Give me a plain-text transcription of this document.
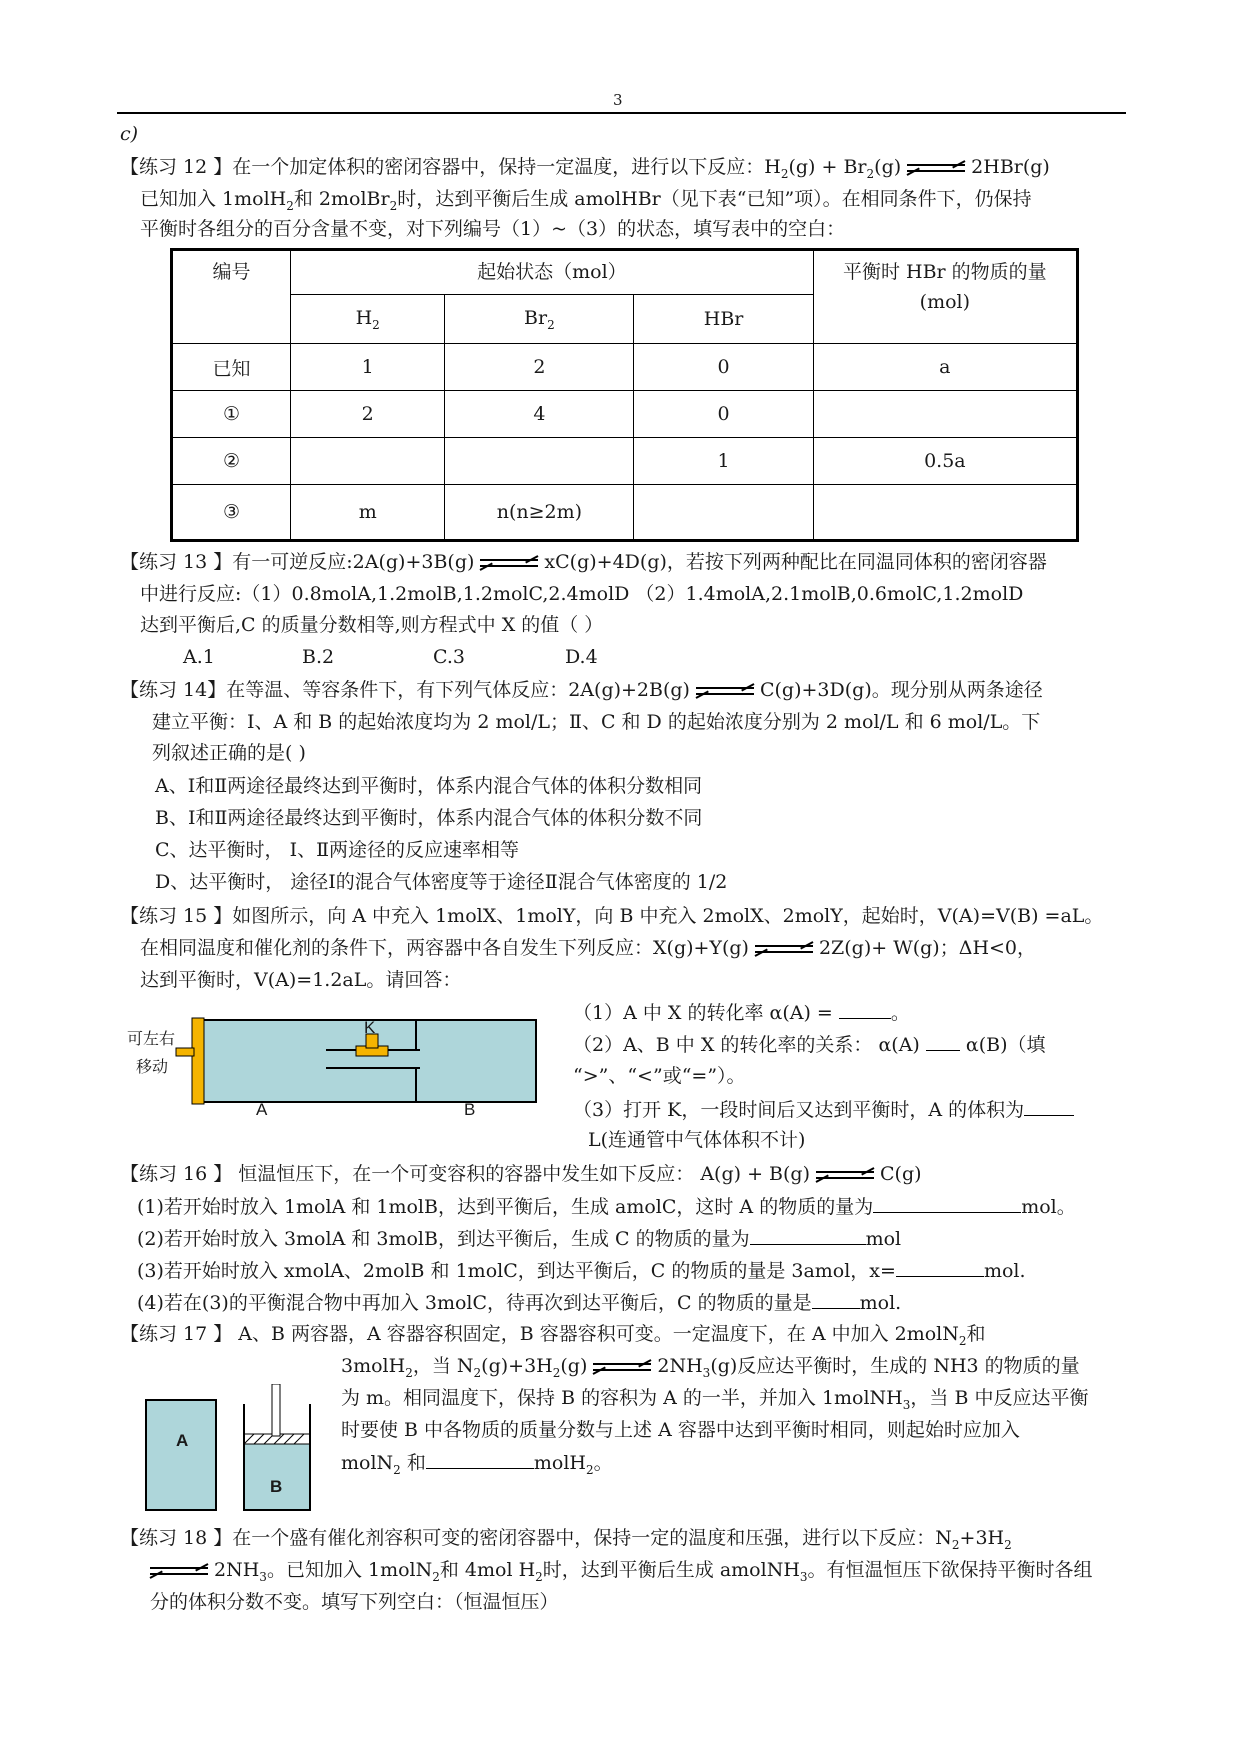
3
c)
【练习 12 】在一个加定体积的密闭容器中，保持一定温度，进行以下反应：$H_2(g) + Br_2(g)$	2HBr(g)
已知加入 1molH$_2$和 2molBr$_2$时，达到平衡后生成 amolHBr（见下表“已知”项）。在相同条件下，仍保持
平衡时各组分的百分含量不变，对下列编号（1）~（3）的状态，填写表中的空白：
编号	起始状态（mol）			平衡时 HBr 的物质的量
(mol)
	$H_2$	$Br_2$	HBr	
已知	1	2	0	a
①	2	4	0	
②			1	0.5a
③	m	n(n≥2m)		
【练习 13 】有一可逆反应:2A(g)+3B(g)	xC(g)+4D(g)，若按下列两种配比在同温同体积的密闭容器
中进行反应:（1）0.8molA,1.2molB,1.2molC,2.4molD （2）1.4molA,2.1molB,0.6molC,1.2molD
达到平衡后,C 的质量分数相等,则方程式中 X 的值（ ）
A.1	B.2	C.3	D.4
【练习 14】在等温、等容条件下，有下列气体反应：2A(g)+2B(g)	C(g)+3D(g)。现分别从两条途径
建立平衡：Ⅰ、A 和 B 的起始浓度均为 2 mol/L；Ⅱ、C 和 D 的起始浓度分别为 2 mol/L 和 6 mol/L。下
列叙述正确的是( )
A、Ⅰ和Ⅱ两途径最终达到平衡时，体系内混合气体的体积分数相同
B、Ⅰ和Ⅱ两途径最终达到平衡时，体系内混合气体的体积分数不同
C、达平衡时， Ⅰ、Ⅱ两途径的反应速率相等
D、达平衡时， 途径Ⅰ的混合气体密度等于途径Ⅱ混合气体密度的 1/2
【练习 15 】如图所示，向 A 中充入 1molX、1molY，向 B 中充入 2molX、2molY，起始时，V(A)=V(B) =aL。
在相同温度和催化剂的条件下，两容器中各自发生下列反应：X(g)+Y(g)	2Z(g)+ W(g)；ΔH<0，
达到平衡时，V(A)=1.2aL。请回答：
可左右
移动
K
A	B
（1）A 中 X 的转化率 α(A) =	。
（2）A、B 中 X 的转化率的关系： α(A)  α(B)（填
“>”、“<”或“=”）。
（3）打开 K，一段时间后又达到平衡时，A 的体积为
L(连通管中气体体积不计)
【练习 16 】 恒温恒压下，在一个可变容积的容器中发生如下反应： A(g) + B(g)	C(g)
(1)若开始时放入 1molA 和 1molB，达到平衡后，生成 amolC，这时 A 的物质的量为	mol。
(2)若开始时放入 3molA 和 3molB，到达平衡后，生成 C 的物质的量为	mol
(3)若开始时放入 xmolA、2molB 和 1molC，到达平衡后，C 的物质的量是 3amol，x=	mol.
(4)若在(3)的平衡混合物中再加入 3molC，待再次到达平衡后，C 的物质的量是	mol.
【练习 17 】 A、B 两容器，A 容器容积固定，B 容器容积可变。一定温度下，在 A 中加入 2molN$_2$和
3molH$_2$，当 $N_2(g)+3H_2(g)$	$2NH_3(g)$反应达平衡时，生成的 NH3 的物质的量
为 m。相同温度下，保持 B 的容积为 A 的一半，并加入 1molNH$_3$，当 B 中反应达平衡
时要使 B 中各物质的质量分数与上述 A 容器中达到平衡时相同，则起始时应加入
molN$_2$ 和	molH$_2$。
A
B
【练习 18 】在一个盛有催化剂容积可变的密闭容器中，保持一定的温度和压强，进行以下反应：$N_2+3H_2$
$2NH_3$。已知加入 1molN$_2$和 4mol $H_2$时，达到平衡后生成 amolNH$_3$。有恒温恒压下欲保持平衡时各组
分的体积分数不变。填写下列空白：（恒温恒压）
